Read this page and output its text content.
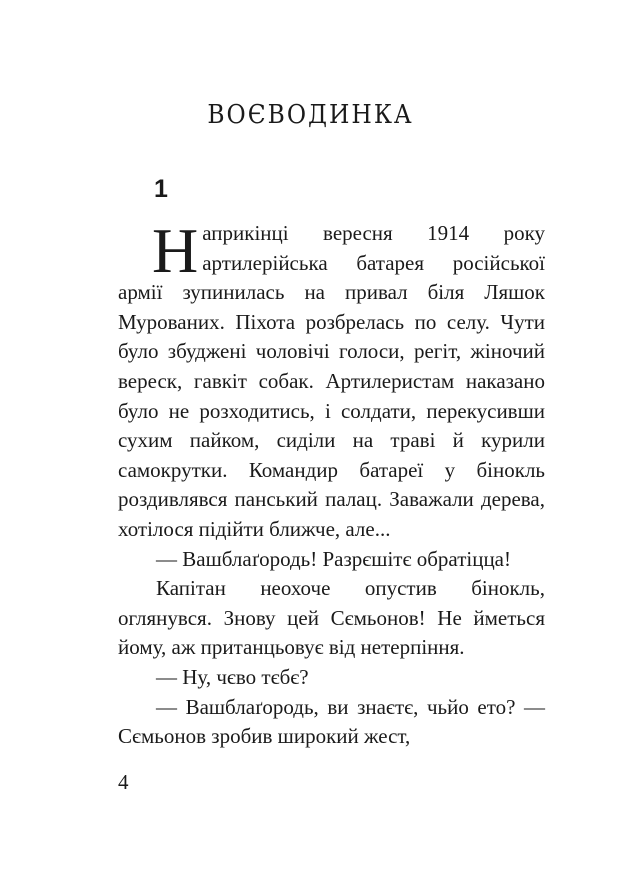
ВОЄВОДИНКА
1

Наприкінці вересня 1914 року артилерійська батарея російської армії зупинилась на привал біля Ляшок Мурованих. Піхота розбрелась по селу. Чути було збуджені чоловічі голоси, регіт, жіночий вереск, гавкіт собак. Артилеристам наказано було не розходитись, і солдати, перекусивши сухим пайком, сиділи на траві й курили самокрутки. Командир батареї у бінокль роздивлявся панський палац. Заважали дерева, хотілося підійти ближче, але...

— Вашблаґородь! Разрєшітє обратіцца!

Капітан неохоче опустив бінокль, оглянувся. Знову цей Сємьонов! Не йметься йому, аж пританцьовує від нетерпіння.

— Ну, чєво тєбє?

— Вашблаґородь, ви знаєтє, чьйо ето? — Сємьонов зробив широкий жест,

4
